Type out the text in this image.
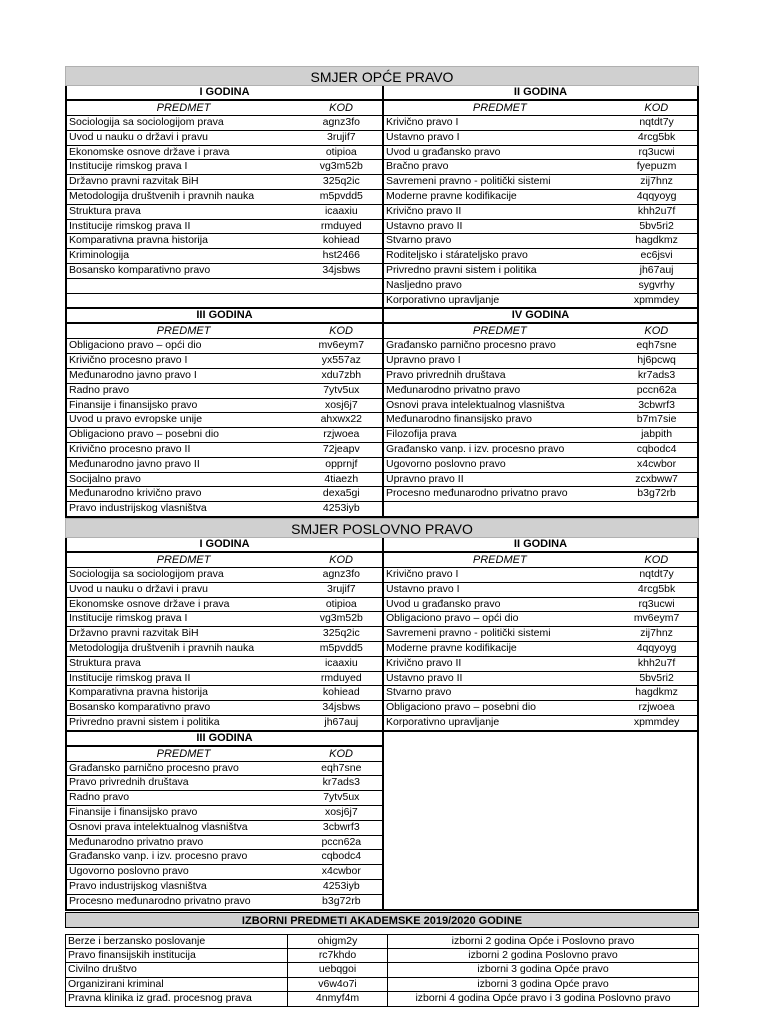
SMJER OPĆE PRAVO
I GODINA
PREDMET	KOD
Sociologija sa sociologijom prava	agnz3fo
Uvod u nauku o državi i pravu	3rujif7
Ekonomske osnove države i prava	otipioa
Institucije rimskog prava I	vg3m52b
Državno pravni razvitak BiH	325q2ic
Metodologija društvenih i pravnih nauka	m5pvdd5
Struktura prava	icaaxiu
Institucije rimskog prava II	rmduyed
Komparativna pravna historija	kohiead
Kriminologija	hst2466
Bosansko komparativno pravo	34jsbws
II GODINA
PREDMET	KOD
Krivično pravo I	nqtdt7y
Ustavno pravo I	4rcg5bk
Uvod u građansko pravo	rq3ucwi
Bračno pravo	fyepuzm
Savremeni pravno - politički sistemi	zij7hnz
Moderne pravne kodifikacije	4qqyoyg
Krivično pravo II	khh2u7f
Ustavno pravo II	5bv5ri2
Stvarno pravo	hagdkmz
Roditeljsko i stárateljsko pravo	ec6jsvi
Privredno pravni sistem i politika	jh67auj
Nasljedno pravo	sygvrhy
Korporativno upravljanje	xpmmdey
III GODINA
PREDMET	KOD
Obligaciono pravo – opći dio	mv6eym7
Krivično procesno pravo I	yx557az
Međunarodno javno pravo I	xdu7zbh
Radno pravo	7ytv5ux
Finansije i finansijsko pravo	xosj6j7
Uvod u pravo evropske unije	ahxwx22
Obligaciono pravo – posebni dio	rzjwoea
Krivično procesno pravo II	72jeapv
Međunarodno javno pravo II	opprnjf
Socijalno pravo	4tiaezh
Međunarodno krivično pravo	dexa5gi
Pravo industrijskog vlasništva	4253iyb
IV GODINA
PREDMET	KOD
Građansko parnično procesno pravo	eqh7sne
Upravno pravo I	hj6pcwq
Pravo privrednih društava	kr7ads3
Međunarodno privatno pravo	pccn62a
Osnovi prava intelektualnog vlasništva	3cbwrf3
Međunarodno finansijsko pravo	b7m7sie
Filozofija prava	jabpith
Građansko vanp. i izv. procesno pravo	cqbodc4
Ugovorno poslovno pravo	x4cwbor
Upravno pravo II	zcxbww7
Procesno međunarodno privatno pravo	b3g72rb
SMJER POSLOVNO PRAVO
I GODINA
PREDMET	KOD
Sociologija sa sociologijom prava	agnz3fo
Uvod u nauku o državi i pravu	3rujif7
Ekonomske osnove države i prava	otipioa
Institucije rimskog prava I	vg3m52b
Državno pravni razvitak BiH	325q2ic
Metodologija društvenih i pravnih nauka	m5pvdd5
Struktura prava	icaaxiu
Institucije rimskog prava II	rmduyed
Komparativna pravna historija	kohiead
Bosansko komparativno pravo	34jsbws
Privredno pravni sistem i politika	jh67auj
II GODINA
PREDMET	KOD
Krivično pravo I	nqtdt7y
Ustavno pravo I	4rcg5bk
Uvod u građansko pravo	rq3ucwi
Obligaciono pravo – opći dio	mv6eym7
Savremeni pravno - politički sistemi	zij7hnz
Moderne pravne kodifikacije	4qqyoyg
Krivično pravo II	khh2u7f
Ustavno pravo II	5bv5ri2
Stvarno pravo	hagdkmz
Obligaciono pravo – posebni dio	rzjwoea
Korporativno upravljanje	xpmmdey
III GODINA
PREDMET	KOD
Građansko parnično procesno pravo	eqh7sne
Pravo privrednih društava	kr7ads3
Radno pravo	7ytv5ux
Finansije i finansijsko pravo	xosj6j7
Osnovi prava intelektualnog vlasništva	3cbwrf3
Međunarodno privatno pravo	pccn62a
Građansko vanp. i izv. procesno pravo	cqbodc4
Ugovorno poslovno pravo	x4cwbor
Pravo industrijskog vlasništva	4253iyb
Procesno međunarodno privatno pravo	b3g72rb
IZBORNI PREDMETI AKADEMSKE 2019/2020 GODINE
Berze i berzansko poslovanje	ohigm2y	izborni 2 godina Opće i Poslovno pravo
Pravo finansijskih institucija	rc7khdo	izborni 2 godina Poslovno pravo
Civilno društvo	uebqgoi	izborni 3 godina Opće pravo
Organizirani kriminal	v6w4o7i	izborni 3 godina Opće pravo
Pravna klinika iz građ. procesnog prava	4nmyf4m	izborni 4 godina Opće pravo i 3 godina Poslovno pravo
